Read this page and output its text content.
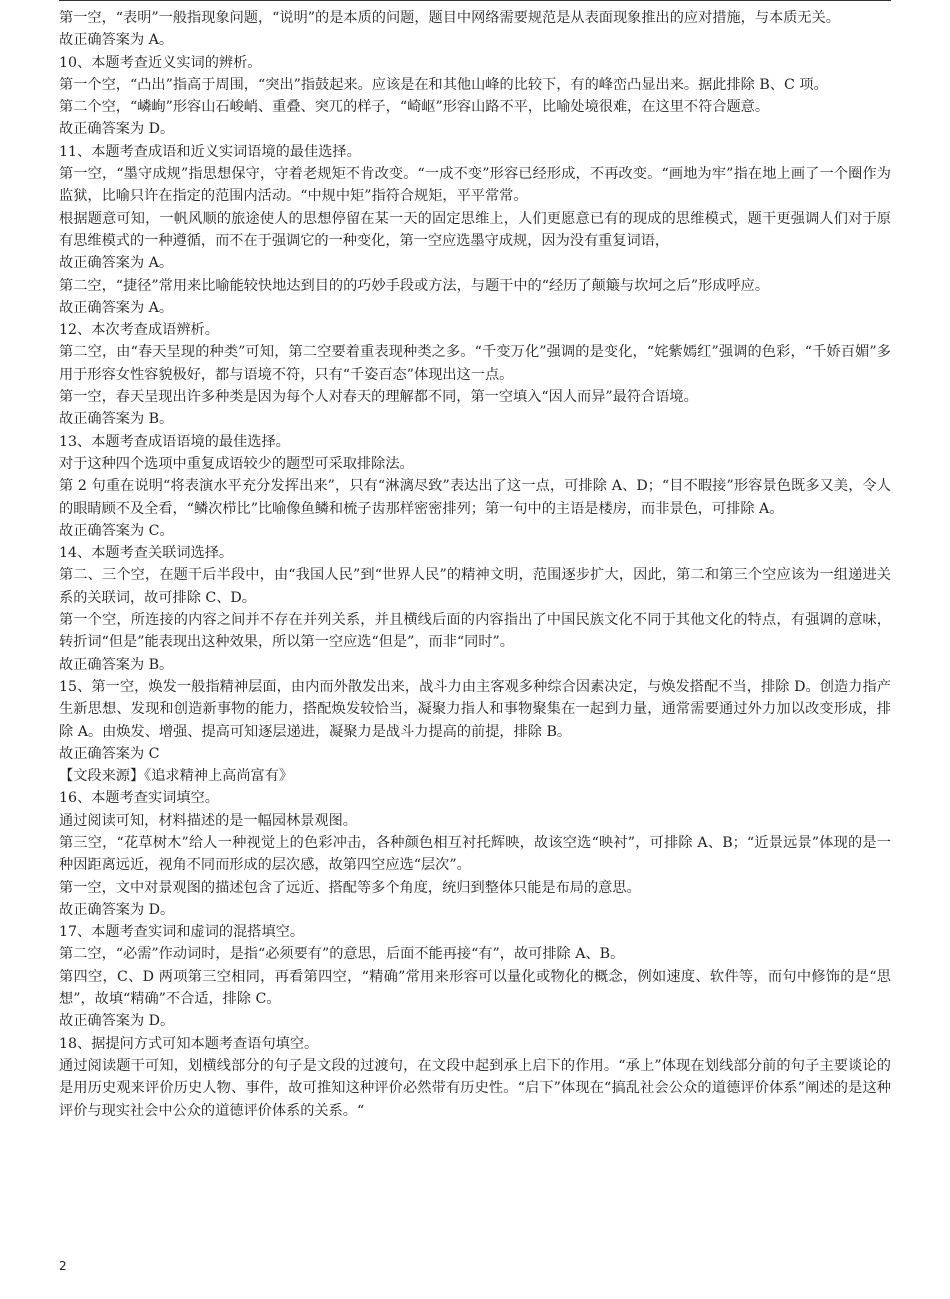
第一空，“表明”一般指现象问题，“说明”的是本质的问题，题目中网络需要规范是从表面现象推出的应对措施，与本质无关。

故正确答案为 A。

10、本题考查近义实词的辨析。

第一个空，“凸出”指高于周围，“突出”指鼓起来。应该是在和其他山峰的比较下，有的峰峦凸显出来。据此排除 B、C 项。

第二个空，“嶙峋”形容山石峻峭、重叠、突兀的样子，“崎岖”形容山路不平，比喻处境很难，在这里不符合题意。

故正确答案为 D。

11、本题考查成语和近义实词语境的最佳选择。

第一空，“墨守成规”指思想保守，守着老规矩不肯改变。“一成不变”形容已经形成，不再改变。“画地为牢”指在地上画了一个圈作为监狱，比喻只许在指定的范围内活动。“中规中矩”指符合规矩，平平常常。

根据题意可知，一帆风顺的旅途使人的思想停留在某一天的固定思维上，人们更愿意已有的现成的思维模式，题干更强调人们对于原有思维模式的一种遵循，而不在于强调它的一种变化，第一空应选墨守成规，因为没有重复词语，

故正确答案为 A。

第二空，“捷径”常用来比喻能较快地达到目的的巧妙手段或方法，与题干中的“经历了颠簸与坎坷之后”形成呼应。

故正确答案为 A。

12、本次考查成语辨析。

第二空，由“春天呈现的种类”可知，第二空要着重表现种类之多。“千变万化”强调的是变化，“姹紫嫣红”强调的色彩，“千娇百媚”多用于形容女性容貌极好，都与语境不符，只有“千姿百态”体现出这一点。

第一空，春天呈现出许多种类是因为每个人对春天的理解都不同，第一空填入“因人而异”最符合语境。

故正确答案为 B。

13、本题考查成语语境的最佳选择。

对于这种四个选项中重复成语较少的题型可采取排除法。

第 2 句重在说明“将表演水平充分发挥出来”，只有“淋漓尽致”表达出了这一点，可排除 A、D；“目不暇接”形容景色既多又美，令人的眼睛顾不及全看，“鳞次栉比”比喻像鱼鳞和梳子齿那样密密排列；第一句中的主语是楼房，而非景色，可排除 A。

故正确答案为 C。

14、本题考查关联词选择。

第二、三个空，在题干后半段中，由“我国人民”到“世界人民”的精神文明，范围逐步扩大，因此，第二和第三个空应该为一组递进关系的关联词，故可排除 C、D。

第一个空，所连接的内容之间并不存在并列关系，并且横线后面的内容指出了中国民族文化不同于其他文化的特点，有强调的意味，转折词“但是”能表现出这种效果，所以第一空应选“但是”，而非“同时”。

故正确答案为 B。

15、第一空，焕发一般指精神层面，由内而外散发出来，战斗力由主客观多种综合因素决定，与焕发搭配不当，排除 D。创造力指产生新思想、发现和创造新事物的能力，搭配焕发较恰当，凝聚力指人和事物聚集在一起到力量，通常需要通过外力加以改变形成，排除 A。由焕发、增强、提高可知逐层递进，凝聚力是战斗力提高的前提，排除 B。

故正确答案为 C

【文段来源】《追求精神上高尚富有》

16、本题考查实词填空。

通过阅读可知，材料描述的是一幅园林景观图。

第三空，“花草树木”给人一种视觉上的色彩冲击，各种颜色相互衬托辉映，故该空选“映衬”，可排除 A、B；“近景远景”体现的是一种因距离远近，视角不同而形成的层次感，故第四空应选“层次”。

第一空，文中对景观图的描述包含了远近、搭配等多个角度，统归到整体只能是布局的意思。

故正确答案为 D。

17、本题考查实词和虚词的混搭填空。

第二空，“必需”作动词时，是指“必须要有”的意思，后面不能再接“有”，故可排除 A、B。

第四空，C、D 两项第三空相同，再看第四空，“精确”常用来形容可以量化或物化的概念，例如速度、软件等，而句中修饰的是“思想”，故填“精确”不合适，排除 C。

故正确答案为 D。

18、据提问方式可知本题考查语句填空。

通过阅读题干可知，划横线部分的句子是文段的过渡句，在文段中起到承上启下的作用。“承上”体现在划线部分前的句子主要谈论的是用历史观来评价历史人物、事件，故可推知这种评价必然带有历史性。“启下”体现在“搞乱社会公众的道德评价体系”阐述的是这种评价与现实社会中公众的道德评价体系的关系。“

2
